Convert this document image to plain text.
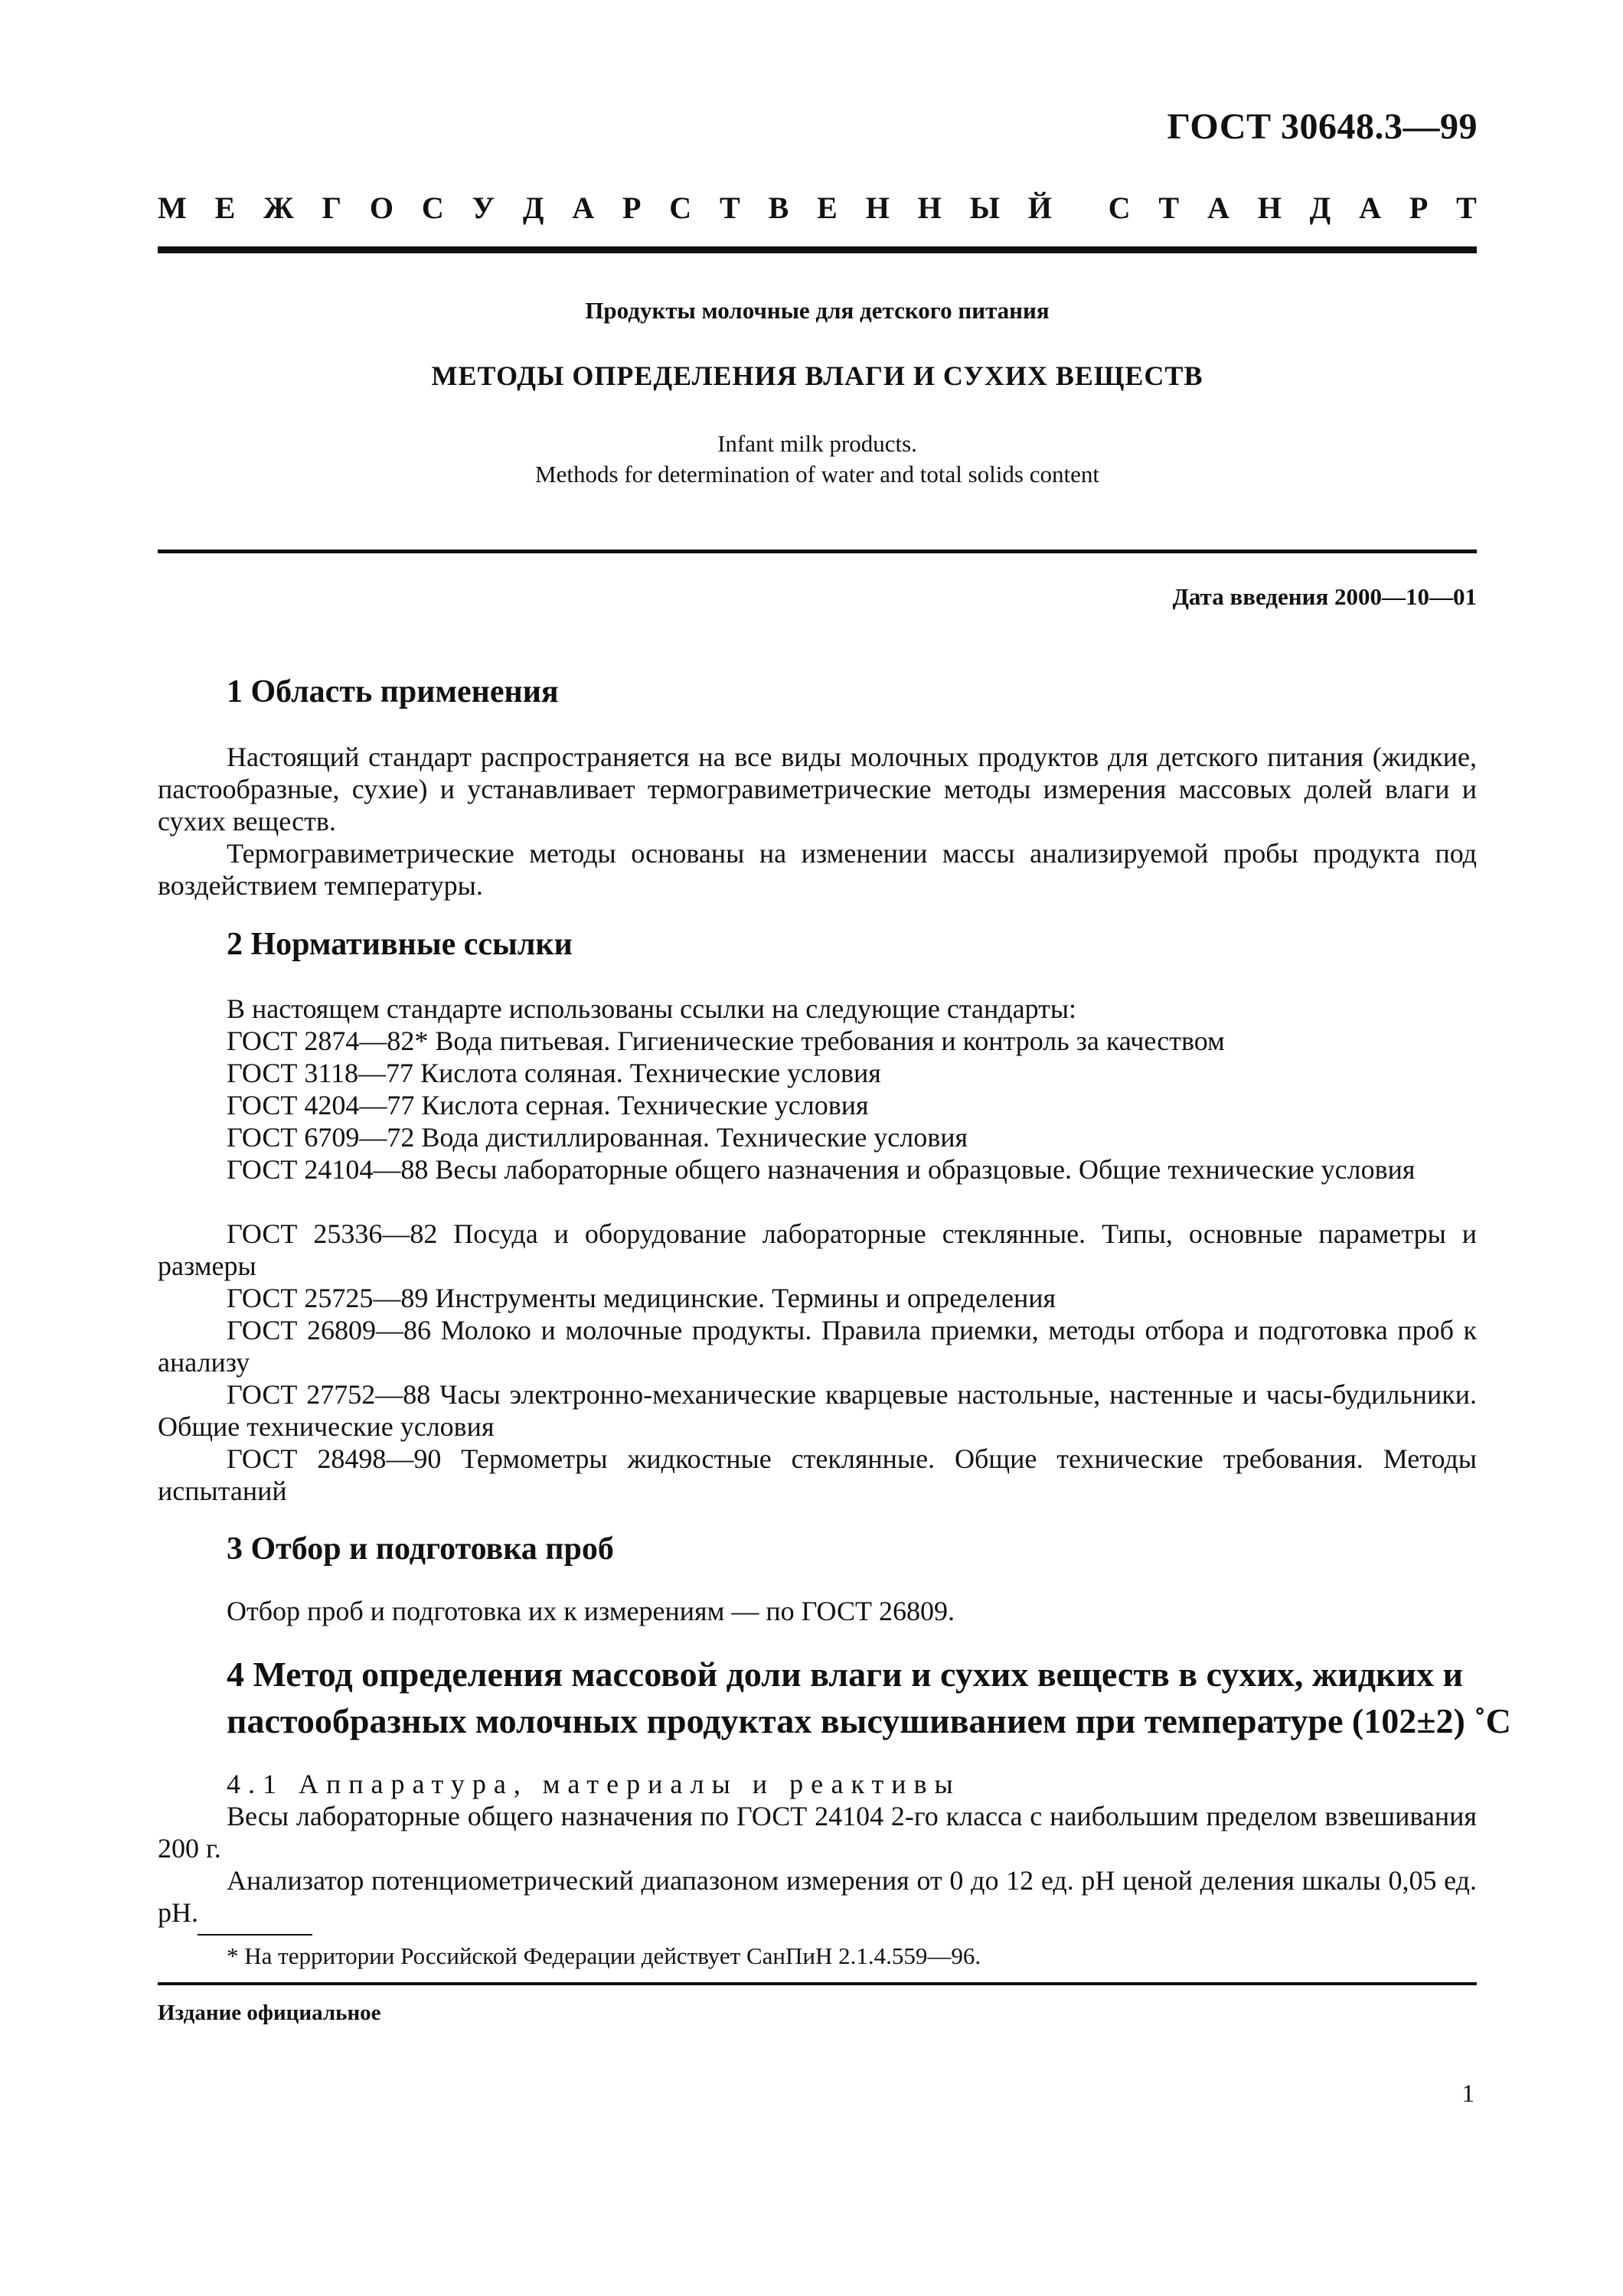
ГОСТ 30648.3—99
М Е Ж Г О С У Д А Р С Т В Е Н Н Ы Й С Т А Н Д А Р Т
Продукты молочные для детского питания
МЕТОДЫ ОПРЕДЕЛЕНИЯ ВЛАГИ И СУХИХ ВЕЩЕСТВ
Infant milk products.
Methods for determination of water and total solids content
Дата введения 2000—10—01
1 Область применения
Настоящий стандарт распространяется на все виды молочных продуктов для детского питания (жидкие, пастообразные, сухие) и устанавливает термогравиметрические методы измерения массовых долей влаги и сухих веществ.
Термогравиметрические методы основаны на изменении массы анализируемой пробы продукта под воздействием температуры.
2 Нормативные ссылки
В настоящем стандарте использованы ссылки на следующие стандарты:
ГОСТ 2874—82* Вода питьевая. Гигиенические требования и контроль за качеством
ГОСТ 3118—77 Кислота соляная. Технические условия
ГОСТ 4204—77 Кислота серная. Технические условия
ГОСТ 6709—72 Вода дистиллированная. Технические условия
ГОСТ 24104—88 Весы лабораторные общего назначения и образцовые. Общие технические условия
ГОСТ 25336—82 Посуда и оборудование лабораторные стеклянные. Типы, основные параметры и размеры
ГОСТ 25725—89 Инструменты медицинские. Термины и определения
ГОСТ 26809—86 Молоко и молочные продукты. Правила приемки, методы отбора и подготовка проб к анализу
ГОСТ 27752—88 Часы электронно-механические кварцевые настольные, настенные и часы-будильники. Общие технические условия
ГОСТ 28498—90 Термометры жидкостные стеклянные. Общие технические требования. Методы испытаний
3 Отбор и подготовка проб
Отбор проб и подготовка их к измерениям — по ГОСТ 26809.
4 Метод определения массовой доли влаги и сухих веществ в сухих, жидких и
пастообразных молочных продуктах высушиванием при температуре (102±2) ˚С
4.1 Аппаратура, материалы и реактивы
Весы лабораторные общего назначения по ГОСТ 24104 2-го класса с наибольшим пределом взвешивания 200 г.
Анализатор потенциометрический диапазоном измерения от 0 до 12 ед. рН ценой деления шкалы 0,05 ед. рН.
* На территории Российской Федерации действует СанПиН 2.1.4.559—96.
Издание официальное
1
